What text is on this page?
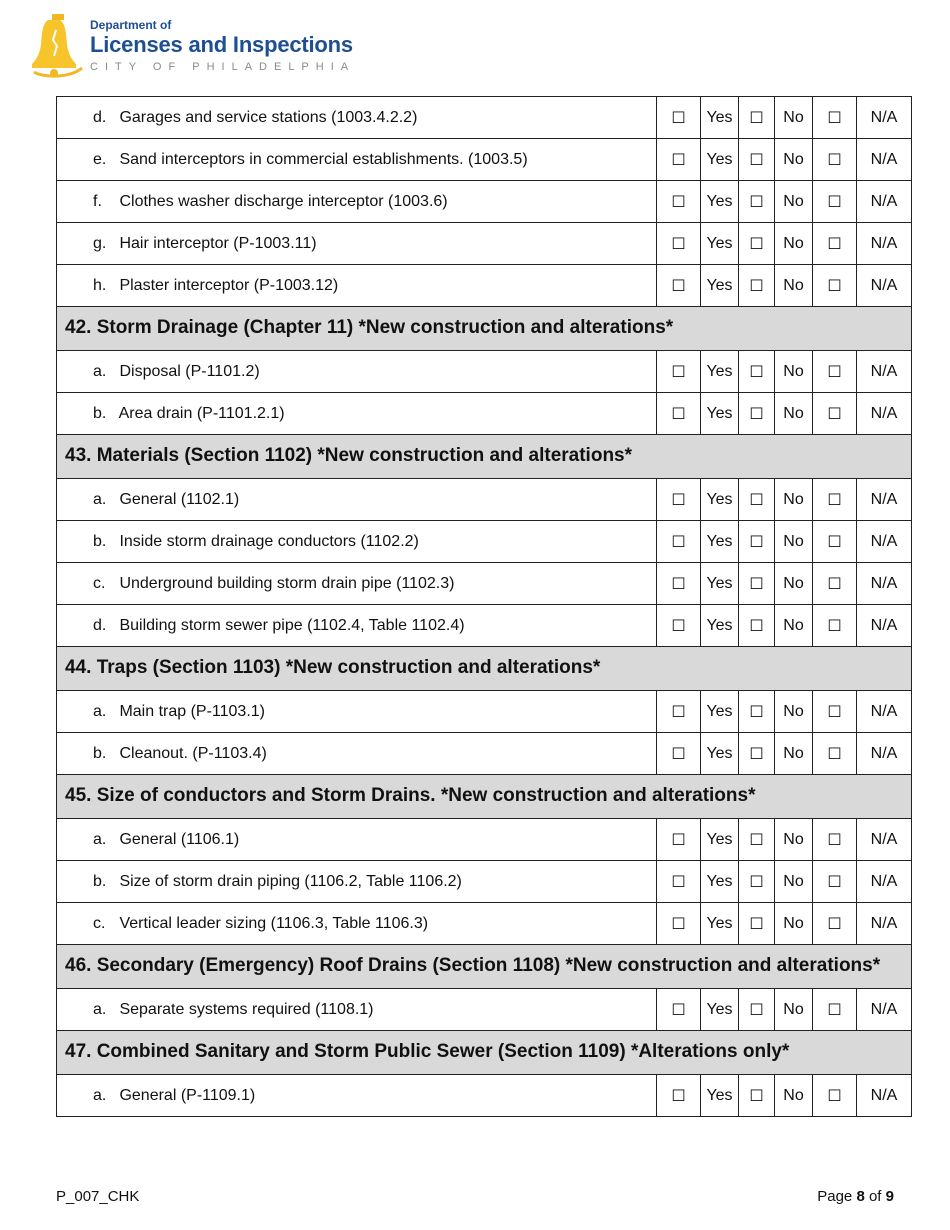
Department of
Licenses and Inspections
CITY OF PHILADELPHIA
d. Garages and service stations (1003.4.2.2)	☐	Yes	☐	No	☐	N/A
e. Sand interceptors in commercial establishments. (1003.5)	☐	Yes	☐	No	☐	N/A
f. Clothes washer discharge interceptor (1003.6)	☐	Yes	☐	No	☐	N/A
g. Hair interceptor (P-1003.11)	☐	Yes	☐	No	☐	N/A
h. Plaster interceptor (P-1003.12)	☐	Yes	☐	No	☐	N/A

42. Storm Drainage (Chapter 11) *New construction and alterations*						

a. Disposal (P-1101.2)	☐	Yes	☐	No	☐	N/A
b. Area drain (P-1101.2.1)	☐	Yes	☐	No	☐	N/A

43. Materials (Section 1102) *New construction and alterations*						

a. General (1102.1)	☐	Yes	☐	No	☐	N/A
b. Inside storm drainage conductors (1102.2)	☐	Yes	☐	No	☐	N/A
c. Underground building storm drain pipe (1102.3)	☐	Yes	☐	No	☐	N/A
d. Building storm sewer pipe (1102.4, Table 1102.4)	☐	Yes	☐	No	☐	N/A

44. Traps (Section 1103) *New construction and alterations*						

a. Main trap (P-1103.1)	☐	Yes	☐	No	☐	N/A
b. Cleanout. (P-1103.4)	☐	Yes	☐	No	☐	N/A

45. Size of conductors and Storm Drains. *New construction and alterations*						

a. General (1106.1)	☐	Yes	☐	No	☐	N/A
b. Size of storm drain piping (1106.2, Table 1106.2)	☐	Yes	☐	No	☐	N/A
c. Vertical leader sizing (1106.3, Table 1106.3)	☐	Yes	☐	No	☐	N/A

46. Secondary (Emergency) Roof Drains (Section 1108) *New construction and alterations*						

a. Separate systems required (1108.1)	☐	Yes	☐	No	☐	N/A

47. Combined Sanitary and Storm Public Sewer (Section 1109) *Alterations only*						

a. General (P-1109.1)	☐	Yes	☐	No	☐	N/A
P_007_CHK	Page 8 of 9
